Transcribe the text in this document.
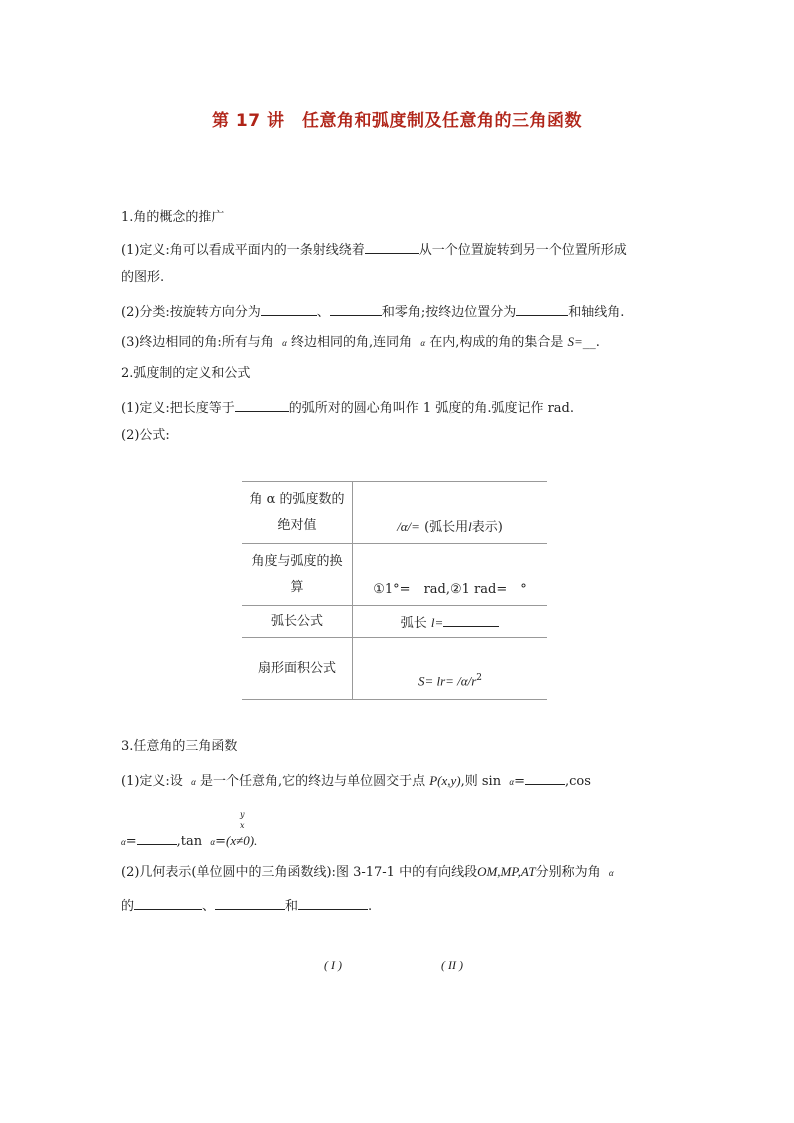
第 17 讲　任意角和弧度制及任意角的三角函数
1.角的概念的推广
(1)定义:角可以看成平面内的一条射线绕着	从一个位置旋转到另一个位置所形成
的图形.
(2)分类:按旋转方向分为	、	和零角;按终边位置分为	和轴线角.
(3)终边相同的角:所有与角 α 终边相同的角,连同角 α 在内,构成的角的集合是 S=__.
2.弧度制的定义和公式
(1)定义:把长度等于	的弧所对的圆心角叫作 1 弧度的角.弧度记作 rad.
(2)公式:
角 α 的弧度数的
绝对值	/α/= (弧长用l表示)

角度与弧度的换
算	①1°=　rad,②1 rad=　°

弧长公式	弧长 l=

扇形面积公式	$S= lr= /\alpha/r^2$
3.任意角的三角函数
(1)定义:设 α 是一个任意角,它的终边与单位圆交于点 P(x,y),则 sin α=	,cos
y
x
α=	,tan α=(x≠0).
(2)几何表示(单位圆中的三角函数线):图 3-17-1 中的有向线段OM,MP,AT分别称为角 α
的	、	和	.
( I )	( II )
